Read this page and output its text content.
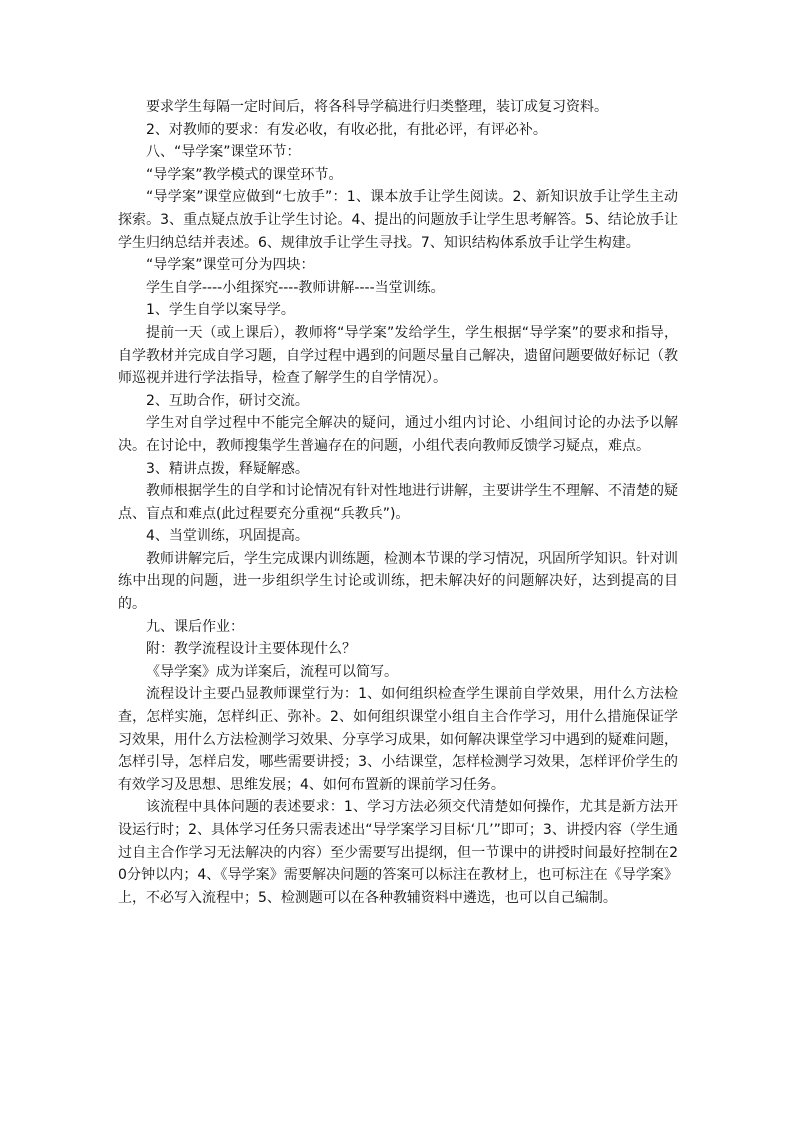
要求学生每隔一定时间后，将各科导学稿进行归类整理，装订成复习资料。

2、对教师的要求：有发必收，有收必批，有批必评，有评必补。

八、“导学案”课堂环节：

“导学案”教学模式的课堂环节。

“导学案”课堂应做到“七放手”：1、课本放手让学生阅读。2、新知识放手让学生主动探索。3、重点疑点放手让学生讨论。4、提出的问题放手让学生思考解答。5、结论放手让学生归纳总结并表述。6、规律放手让学生寻找。7、知识结构体系放手让学生构建。

“导学案”课堂可分为四块：

学生自学----小组探究----教师讲解----当堂训练。

1、学生自学以案导学。

提前一天（或上课后），教师将“导学案”发给学生，学生根据“导学案”的要求和指导，自学教材并完成自学习题，自学过程中遇到的问题尽量自己解决，遗留问题要做好标记（教师巡视并进行学法指导，检查了解学生的自学情况）。

2、互助合作，研讨交流。

学生对自学过程中不能完全解决的疑问，通过小组内讨论、小组间讨论的办法予以解决。在讨论中，教师搜集学生普遍存在的问题，小组代表向教师反馈学习疑点，难点。

3、精讲点拨，释疑解惑。

教师根据学生的自学和讨论情况有针对性地进行讲解，主要讲学生不理解、不清楚的疑点、盲点和难点(此过程要充分重视“兵教兵”)。

4、当堂训练，巩固提高。

教师讲解完后，学生完成课内训练题，检测本节课的学习情况，巩固所学知识。针对训练中出现的问题，进一步组织学生讨论或训练，把未解决好的问题解决好，达到提高的目的。

九、课后作业：

附：教学流程设计主要体现什么？

《导学案》成为详案后，流程可以简写。

流程设计主要凸显教师课堂行为：1、如何组织检查学生课前自学效果，用什么方法检查，怎样实施，怎样纠正、弥补。2、如何组织课堂小组自主合作学习，用什么措施保证学习效果，用什么方法检测学习效果、分享学习成果，如何解决课堂学习中遇到的疑难问题，怎样引导，怎样启发，哪些需要讲授；3、小结课堂，怎样检测学习效果，怎样评价学生的有效学习及思想、思维发展；4、如何布置新的课前学习任务。

该流程中具体问题的表述要求：1、学习方法必须交代清楚如何操作，尤其是新方法开设运行时；2、具体学习任务只需表述出“导学案学习目标‘几’”即可；3、讲授内容（学生通过自主合作学习无法解决的内容）至少需要写出提纲，但一节课中的讲授时间最好控制在20分钟以内；4、《导学案》需要解决问题的答案可以标注在教材上，也可标注在《导学案》上，不必写入流程中；5、检测题可以在各种教辅资料中遴选，也可以自己编制。
